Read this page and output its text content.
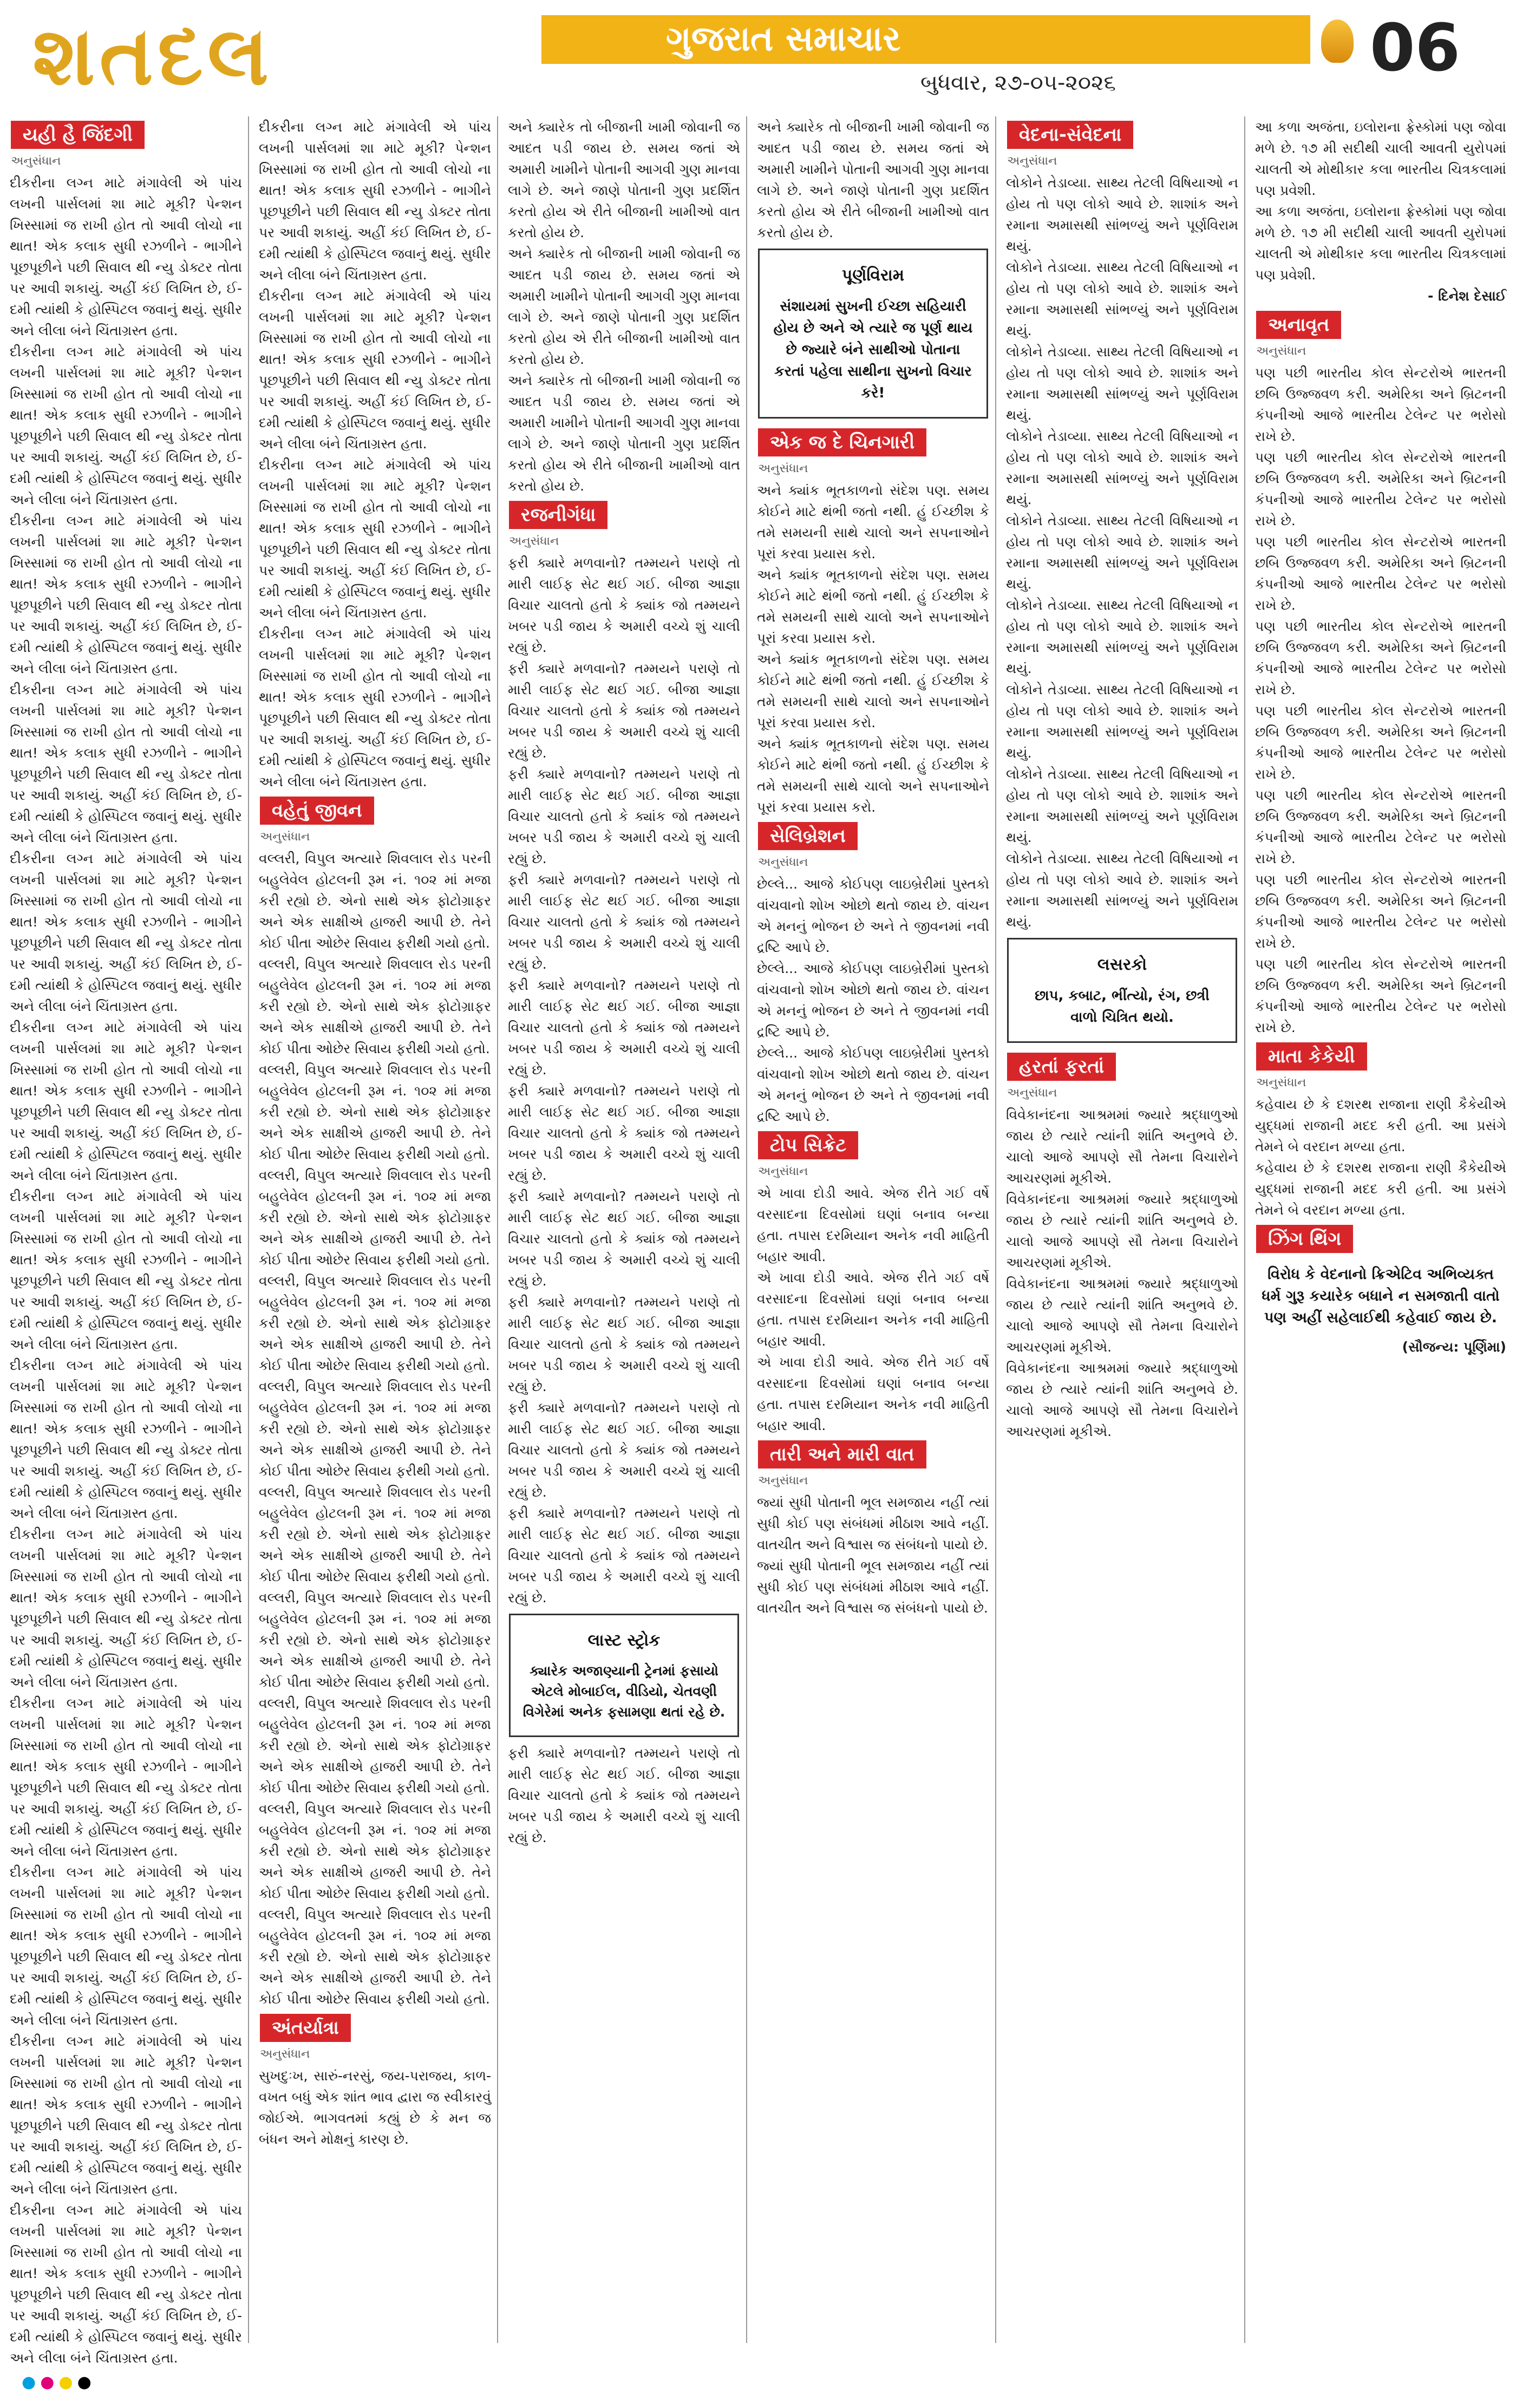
શતદલ	ગુજરાત સમાચાર
બુધવાર, ૨૭-૦૫-૨૦૨૬	06
યહી હૈ જિંદગી
અનુસંધાન

દીકરીના લગ્ન માટે મંગાવેલી એ પાંચ લખની પાર્સલમાં શા માટે મૂકી? પેન્શન ખિસ્સામાં જ રાખી હોત તો આવી લોચો ના થાત! એક કલાક સુધી રઝળીને - ભાગીને પૂછપૂછીને પછી સિવાલ થી ન્યુ ડોક્ટર તોતા પર આવી શકાયું. અહીં કંઈ લિખિત છે, ઈ-દમી ત્યાંથી કે હોસ્પિટલ જવાનું થયું. સુધીર અને લીલા બંને ચિંતાગ્રસ્ત હતા.

દીકરીના લગ્ન માટે મંગાવેલી એ પાંચ લખની પાર્સલમાં શા માટે મૂકી? પેન્શન ખિસ્સામાં જ રાખી હોત તો આવી લોચો ના થાત! એક કલાક સુધી રઝળીને - ભાગીને પૂછપૂછીને પછી સિવાલ થી ન્યુ ડોક્ટર તોતા પર આવી શકાયું. અહીં કંઈ લિખિત છે, ઈ-દમી ત્યાંથી કે હોસ્પિટલ જવાનું થયું. સુધીર અને લીલા બંને ચિંતાગ્રસ્ત હતા.

દીકરીના લગ્ન માટે મંગાવેલી એ પાંચ લખની પાર્સલમાં શા માટે મૂકી? પેન્શન ખિસ્સામાં જ રાખી હોત તો આવી લોચો ના થાત! એક કલાક સુધી રઝળીને - ભાગીને પૂછપૂછીને પછી સિવાલ થી ન્યુ ડોક્ટર તોતા પર આવી શકાયું. અહીં કંઈ લિખિત છે, ઈ-દમી ત્યાંથી કે હોસ્પિટલ જવાનું થયું. સુધીર અને લીલા બંને ચિંતાગ્રસ્ત હતા.

દીકરીના લગ્ન માટે મંગાવેલી એ પાંચ લખની પાર્સલમાં શા માટે મૂકી? પેન્શન ખિસ્સામાં જ રાખી હોત તો આવી લોચો ના થાત! એક કલાક સુધી રઝળીને - ભાગીને પૂછપૂછીને પછી સિવાલ થી ન્યુ ડોક્ટર તોતા પર આવી શકાયું. અહીં કંઈ લિખિત છે, ઈ-દમી ત્યાંથી કે હોસ્પિટલ જવાનું થયું. સુધીર અને લીલા બંને ચિંતાગ્રસ્ત હતા.

દીકરીના લગ્ન માટે મંગાવેલી એ પાંચ લખની પાર્સલમાં શા માટે મૂકી? પેન્શન ખિસ્સામાં જ રાખી હોત તો આવી લોચો ના થાત! એક કલાક સુધી રઝળીને - ભાગીને પૂછપૂછીને પછી સિવાલ થી ન્યુ ડોક્ટર તોતા પર આવી શકાયું. અહીં કંઈ લિખિત છે, ઈ-દમી ત્યાંથી કે હોસ્પિટલ જવાનું થયું. સુધીર અને લીલા બંને ચિંતાગ્રસ્ત હતા.

દીકરીના લગ્ન માટે મંગાવેલી એ પાંચ લખની પાર્સલમાં શા માટે મૂકી? પેન્શન ખિસ્સામાં જ રાખી હોત તો આવી લોચો ના થાત! એક કલાક સુધી રઝળીને - ભાગીને પૂછપૂછીને પછી સિવાલ થી ન્યુ ડોક્ટર તોતા પર આવી શકાયું. અહીં કંઈ લિખિત છે, ઈ-દમી ત્યાંથી કે હોસ્પિટલ જવાનું થયું. સુધીર અને લીલા બંને ચિંતાગ્રસ્ત હતા.

દીકરીના લગ્ન માટે મંગાવેલી એ પાંચ લખની પાર્સલમાં શા માટે મૂકી? પેન્શન ખિસ્સામાં જ રાખી હોત તો આવી લોચો ના થાત! એક કલાક સુધી રઝળીને - ભાગીને પૂછપૂછીને પછી સિવાલ થી ન્યુ ડોક્ટર તોતા પર આવી શકાયું. અહીં કંઈ લિખિત છે, ઈ-દમી ત્યાંથી કે હોસ્પિટલ જવાનું થયું. સુધીર અને લીલા બંને ચિંતાગ્રસ્ત હતા.

દીકરીના લગ્ન માટે મંગાવેલી એ પાંચ લખની પાર્સલમાં શા માટે મૂકી? પેન્શન ખિસ્સામાં જ રાખી હોત તો આવી લોચો ના થાત! એક કલાક સુધી રઝળીને - ભાગીને પૂછપૂછીને પછી સિવાલ થી ન્યુ ડોક્ટર તોતા પર આવી શકાયું. અહીં કંઈ લિખિત છે, ઈ-દમી ત્યાંથી કે હોસ્પિટલ જવાનું થયું. સુધીર અને લીલા બંને ચિંતાગ્રસ્ત હતા.

દીકરીના લગ્ન માટે મંગાવેલી એ પાંચ લખની પાર્સલમાં શા માટે મૂકી? પેન્શન ખિસ્સામાં જ રાખી હોત તો આવી લોચો ના થાત! એક કલાક સુધી રઝળીને - ભાગીને પૂછપૂછીને પછી સિવાલ થી ન્યુ ડોક્ટર તોતા પર આવી શકાયું. અહીં કંઈ લિખિત છે, ઈ-દમી ત્યાંથી કે હોસ્પિટલ જવાનું થયું. સુધીર અને લીલા બંને ચિંતાગ્રસ્ત હતા.

દીકરીના લગ્ન માટે મંગાવેલી એ પાંચ લખની પાર્સલમાં શા માટે મૂકી? પેન્શન ખિસ્સામાં જ રાખી હોત તો આવી લોચો ના થાત! એક કલાક સુધી રઝળીને - ભાગીને પૂછપૂછીને પછી સિવાલ થી ન્યુ ડોક્ટર તોતા પર આવી શકાયું. અહીં કંઈ લિખિત છે, ઈ-દમી ત્યાંથી કે હોસ્પિટલ જવાનું થયું. સુધીર અને લીલા બંને ચિંતાગ્રસ્ત હતા.

દીકરીના લગ્ન માટે મંગાવેલી એ પાંચ લખની પાર્સલમાં શા માટે મૂકી? પેન્શન ખિસ્સામાં જ રાખી હોત તો આવી લોચો ના થાત! એક કલાક સુધી રઝળીને - ભાગીને પૂછપૂછીને પછી સિવાલ થી ન્યુ ડોક્ટર તોતા પર આવી શકાયું. અહીં કંઈ લિખિત છે, ઈ-દમી ત્યાંથી કે હોસ્પિટલ જવાનું થયું. સુધીર અને લીલા બંને ચિંતાગ્રસ્ત હતા.

દીકરીના લગ્ન માટે મંગાવેલી એ પાંચ લખની પાર્સલમાં શા માટે મૂકી? પેન્શન ખિસ્સામાં જ રાખી હોત તો આવી લોચો ના થાત! એક કલાક સુધી રઝળીને - ભાગીને પૂછપૂછીને પછી સિવાલ થી ન્યુ ડોક્ટર તોતા પર આવી શકાયું. અહીં કંઈ લિખિત છે, ઈ-દમી ત્યાંથી કે હોસ્પિટલ જવાનું થયું. સુધીર અને લીલા બંને ચિંતાગ્રસ્ત હતા.

દીકરીના લગ્ન માટે મંગાવેલી એ પાંચ લખની પાર્સલમાં શા માટે મૂકી? પેન્શન ખિસ્સામાં જ રાખી હોત તો આવી લોચો ના થાત! એક કલાક સુધી રઝળીને - ભાગીને પૂછપૂછીને પછી સિવાલ થી ન્યુ ડોક્ટર તોતા પર આવી શકાયું. અહીં કંઈ લિખિત છે, ઈ-દમી ત્યાંથી કે હોસ્પિટલ જવાનું થયું. સુધીર અને લીલા બંને ચિંતાગ્રસ્ત હતા.

દીકરીના લગ્ન માટે મંગાવેલી એ પાંચ લખની પાર્સલમાં શા માટે મૂકી? પેન્શન ખિસ્સામાં જ રાખી હોત તો આવી લોચો ના થાત! એક કલાક સુધી રઝળીને - ભાગીને પૂછપૂછીને પછી સિવાલ થી ન્યુ ડોક્ટર તોતા પર આવી શકાયું. અહીં કંઈ લિખિત છે, ઈ-દમી ત્યાંથી કે હોસ્પિટલ જવાનું થયું. સુધીર અને લીલા બંને ચિંતાગ્રસ્ત હતા.

દીકરીના લગ્ન માટે મંગાવેલી એ પાંચ લખની પાર્સલમાં શા માટે મૂકી? પેન્શન ખિસ્સામાં જ રાખી હોત તો આવી લોચો ના થાત! એક કલાક સુધી રઝળીને - ભાગીને પૂછપૂછીને પછી સિવાલ થી ન્યુ ડોક્ટર તોતા પર આવી શકાયું. અહીં કંઈ લિખિત છે, ઈ-દમી ત્યાંથી કે હોસ્પિટલ જવાનું થયું. સુધીર અને લીલા બંને ચિંતાગ્રસ્ત હતા.

દીકરીના લગ્ન માટે મંગાવેલી એ પાંચ લખની પાર્સલમાં શા માટે મૂકી? પેન્શન ખિસ્સામાં જ રાખી હોત તો આવી લોચો ના થાત! એક કલાક સુધી રઝળીને - ભાગીને પૂછપૂછીને પછી સિવાલ થી ન્યુ ડોક્ટર તોતા પર આવી શકાયું. અહીં કંઈ લિખિત છે, ઈ-દમી ત્યાંથી કે હોસ્પિટલ જવાનું થયું. સુધીર અને લીલા બંને ચિંતાગ્રસ્ત હતા.

દીકરીના લગ્ન માટે મંગાવેલી એ પાંચ લખની પાર્સલમાં શા માટે મૂકી? પેન્શન ખિસ્સામાં જ રાખી હોત તો આવી લોચો ના થાત! એક કલાક સુધી રઝળીને - ભાગીને પૂછપૂછીને પછી સિવાલ થી ન્યુ ડોક્ટર તોતા પર આવી શકાયું. અહીં કંઈ લિખિત છે, ઈ-દમી ત્યાંથી કે હોસ્પિટલ જવાનું થયું. સુધીર અને લીલા બંને ચિંતાગ્રસ્ત હતા.

વહેતું જીવન
અનુસંધાન

વલ્લરી, વિપુલ અત્યારે શિવલાલ રોડ પરની બહુલેવેલ હોટલની રૂમ નં. ૧૦૨ માં મજા કરી રહ્યો છે. એનો સાથે એક ફોટોગ્રાફર અને એક સાક્ષીએ હાજરી આપી છે. તેને કોઈ પીતા ઓછેર સિવાય ફરીથી ગયો હતો.

વલ્લરી, વિપુલ અત્યારે શિવલાલ રોડ પરની બહુલેવેલ હોટલની રૂમ નં. ૧૦૨ માં મજા કરી રહ્યો છે. એનો સાથે એક ફોટોગ્રાફર અને એક સાક્ષીએ હાજરી આપી છે. તેને કોઈ પીતા ઓછેર સિવાય ફરીથી ગયો હતો.

વલ્લરી, વિપુલ અત્યારે શિવલાલ રોડ પરની બહુલેવેલ હોટલની રૂમ નં. ૧૦૨ માં મજા કરી રહ્યો છે. એનો સાથે એક ફોટોગ્રાફર અને એક સાક્ષીએ હાજરી આપી છે. તેને કોઈ પીતા ઓછેર સિવાય ફરીથી ગયો હતો.

વલ્લરી, વિપુલ અત્યારે શિવલાલ રોડ પરની બહુલેવેલ હોટલની રૂમ નં. ૧૦૨ માં મજા કરી રહ્યો છે. એનો સાથે એક ફોટોગ્રાફર અને એક સાક્ષીએ હાજરી આપી છે. તેને કોઈ પીતા ઓછેર સિવાય ફરીથી ગયો હતો.

વલ્લરી, વિપુલ અત્યારે શિવલાલ રોડ પરની બહુલેવેલ હોટલની રૂમ નં. ૧૦૨ માં મજા કરી રહ્યો છે. એનો સાથે એક ફોટોગ્રાફર અને એક સાક્ષીએ હાજરી આપી છે. તેને કોઈ પીતા ઓછેર સિવાય ફરીથી ગયો હતો.

વલ્લરી, વિપુલ અત્યારે શિવલાલ રોડ પરની બહુલેવેલ હોટલની રૂમ નં. ૧૦૨ માં મજા કરી રહ્યો છે. એનો સાથે એક ફોટોગ્રાફર અને એક સાક્ષીએ હાજરી આપી છે. તેને કોઈ પીતા ઓછેર સિવાય ફરીથી ગયો હતો.

વલ્લરી, વિપુલ અત્યારે શિવલાલ રોડ પરની બહુલેવેલ હોટલની રૂમ નં. ૧૦૨ માં મજા કરી રહ્યો છે. એનો સાથે એક ફોટોગ્રાફર અને એક સાક્ષીએ હાજરી આપી છે. તેને કોઈ પીતા ઓછેર સિવાય ફરીથી ગયો હતો.

વલ્લરી, વિપુલ અત્યારે શિવલાલ રોડ પરની બહુલેવેલ હોટલની રૂમ નં. ૧૦૨ માં મજા કરી રહ્યો છે. એનો સાથે એક ફોટોગ્રાફર અને એક સાક્ષીએ હાજરી આપી છે. તેને કોઈ પીતા ઓછેર સિવાય ફરીથી ગયો હતો.

વલ્લરી, વિપુલ અત્યારે શિવલાલ રોડ પરની બહુલેવેલ હોટલની રૂમ નં. ૧૦૨ માં મજા કરી રહ્યો છે. એનો સાથે એક ફોટોગ્રાફર અને એક સાક્ષીએ હાજરી આપી છે. તેને કોઈ પીતા ઓછેર સિવાય ફરીથી ગયો હતો.

વલ્લરી, વિપુલ અત્યારે શિવલાલ રોડ પરની બહુલેવેલ હોટલની રૂમ નં. ૧૦૨ માં મજા કરી રહ્યો છે. એનો સાથે એક ફોટોગ્રાફર અને એક સાક્ષીએ હાજરી આપી છે. તેને કોઈ પીતા ઓછેર સિવાય ફરીથી ગયો હતો.

વલ્લરી, વિપુલ અત્યારે શિવલાલ રોડ પરની બહુલેવેલ હોટલની રૂમ નં. ૧૦૨ માં મજા કરી રહ્યો છે. એનો સાથે એક ફોટોગ્રાફર અને એક સાક્ષીએ હાજરી આપી છે. તેને કોઈ પીતા ઓછેર સિવાય ફરીથી ગયો હતો.

અંતર્યાત્રા
અનુસંધાન

સુખદુઃખ, સારું-નરસું, જય-પરાજય, કાળ-વખત બધું એક શાંત ભાવ દ્વારા જ સ્વીકારવું જોઈએ. ભાગવતમાં કહ્યું છે કે મન જ બંધન અને મોક્ષનું કારણ છે.

અને ક્યારેક તો બીજાની ખામી જોવાની જ આદત પડી જાય છે. સમય જતાં એ અમારી ખામીને પોતાની આગવી ગુણ માનવા લાગે છે. અને જાણે પોતાની ગુણ પ્રદર્શિત કરતો હોય એ રીતે બીજાની ખામીઓ વાત કરતો હોય છે.

અને ક્યારેક તો બીજાની ખામી જોવાની જ આદત પડી જાય છે. સમય જતાં એ અમારી ખામીને પોતાની આગવી ગુણ માનવા લાગે છે. અને જાણે પોતાની ગુણ પ્રદર્શિત કરતો હોય એ રીતે બીજાની ખામીઓ વાત કરતો હોય છે.

અને ક્યારેક તો બીજાની ખામી જોવાની જ આદત પડી જાય છે. સમય જતાં એ અમારી ખામીને પોતાની આગવી ગુણ માનવા લાગે છે. અને જાણે પોતાની ગુણ પ્રદર્શિત કરતો હોય એ રીતે બીજાની ખામીઓ વાત કરતો હોય છે.

રજનીગંધા
અનુસંધાન

ફરી ક્યારે મળવાનો? તમ્મયને પરાણે તો મારી લાઈફ સેટ થઈ ગઈ. બીજા આજ્ઞા વિચાર ચાલતો હતો કે ક્યાંક જો તમ્મયને ખબર પડી જાય કે અમારી વચ્ચે શું ચાલી રહ્યું છે.

ફરી ક્યારે મળવાનો? તમ્મયને પરાણે તો મારી લાઈફ સેટ થઈ ગઈ. બીજા આજ્ઞા વિચાર ચાલતો હતો કે ક્યાંક જો તમ્મયને ખબર પડી જાય કે અમારી વચ્ચે શું ચાલી રહ્યું છે.

ફરી ક્યારે મળવાનો? તમ્મયને પરાણે તો મારી લાઈફ સેટ થઈ ગઈ. બીજા આજ્ઞા વિચાર ચાલતો હતો કે ક્યાંક જો તમ્મયને ખબર પડી જાય કે અમારી વચ્ચે શું ચાલી રહ્યું છે.

ફરી ક્યારે મળવાનો? તમ્મયને પરાણે તો મારી લાઈફ સેટ થઈ ગઈ. બીજા આજ્ઞા વિચાર ચાલતો હતો કે ક્યાંક જો તમ્મયને ખબર પડી જાય કે અમારી વચ્ચે શું ચાલી રહ્યું છે.

ફરી ક્યારે મળવાનો? તમ્મયને પરાણે તો મારી લાઈફ સેટ થઈ ગઈ. બીજા આજ્ઞા વિચાર ચાલતો હતો કે ક્યાંક જો તમ્મયને ખબર પડી જાય કે અમારી વચ્ચે શું ચાલી રહ્યું છે.

ફરી ક્યારે મળવાનો? તમ્મયને પરાણે તો મારી લાઈફ સેટ થઈ ગઈ. બીજા આજ્ઞા વિચાર ચાલતો હતો કે ક્યાંક જો તમ્મયને ખબર પડી જાય કે અમારી વચ્ચે શું ચાલી રહ્યું છે.

ફરી ક્યારે મળવાનો? તમ્મયને પરાણે તો મારી લાઈફ સેટ થઈ ગઈ. બીજા આજ્ઞા વિચાર ચાલતો હતો કે ક્યાંક જો તમ્મયને ખબર પડી જાય કે અમારી વચ્ચે શું ચાલી રહ્યું છે.

ફરી ક્યારે મળવાનો? તમ્મયને પરાણે તો મારી લાઈફ સેટ થઈ ગઈ. બીજા આજ્ઞા વિચાર ચાલતો હતો કે ક્યાંક જો તમ્મયને ખબર પડી જાય કે અમારી વચ્ચે શું ચાલી રહ્યું છે.

ફરી ક્યારે મળવાનો? તમ્મયને પરાણે તો મારી લાઈફ સેટ થઈ ગઈ. બીજા આજ્ઞા વિચાર ચાલતો હતો કે ક્યાંક જો તમ્મયને ખબર પડી જાય કે અમારી વચ્ચે શું ચાલી રહ્યું છે.

ફરી ક્યારે મળવાનો? તમ્મયને પરાણે તો મારી લાઈફ સેટ થઈ ગઈ. બીજા આજ્ઞા વિચાર ચાલતો હતો કે ક્યાંક જો તમ્મયને ખબર પડી જાય કે અમારી વચ્ચે શું ચાલી રહ્યું છે.

લાસ્ટ સ્ટ્રોક
ક્યારેક અજાણ્યાની ટ્રેનમાં ફસાયો એટલે મોબાઈલ, વીડિયો, ચેતવણી વિગેરેમાં અનેક ફસામણા થતાં રહે છે.

ફરી ક્યારે મળવાનો? તમ્મયને પરાણે તો મારી લાઈફ સેટ થઈ ગઈ. બીજા આજ્ઞા વિચાર ચાલતો હતો કે ક્યાંક જો તમ્મયને ખબર પડી જાય કે અમારી વચ્ચે શું ચાલી રહ્યું છે.

અને ક્યારેક તો બીજાની ખામી જોવાની જ આદત પડી જાય છે. સમય જતાં એ અમારી ખામીને પોતાની આગવી ગુણ માનવા લાગે છે. અને જાણે પોતાની ગુણ પ્રદર્શિત કરતો હોય એ રીતે બીજાની ખામીઓ વાત કરતો હોય છે.

પૂર્ણવિરામ
સંશાયમાં સુખની ઈચ્છા સહિયારી હોય છે અને એ ત્યારે જ પૂર્ણ થાય છે જ્યારે બંને સાથીઓ પોતાના કરતાં પહેલા સાથીના સુખનો વિચાર કરે!
એક જ દે ચિનગારી
અનુસંધાન

અને ક્યાંક ભૂતકાળનો સંદેશ પણ. સમય કોઈને માટે થંભી જતો નથી. હું ઈચ્છીશ કે તમે સમયની સાથે ચાલો અને સપનાઓને પૂરાં કરવા પ્રયાસ કરો.

અને ક્યાંક ભૂતકાળનો સંદેશ પણ. સમય કોઈને માટે થંભી જતો નથી. હું ઈચ્છીશ કે તમે સમયની સાથે ચાલો અને સપનાઓને પૂરાં કરવા પ્રયાસ કરો.

અને ક્યાંક ભૂતકાળનો સંદેશ પણ. સમય કોઈને માટે થંભી જતો નથી. હું ઈચ્છીશ કે તમે સમયની સાથે ચાલો અને સપનાઓને પૂરાં કરવા પ્રયાસ કરો.

અને ક્યાંક ભૂતકાળનો સંદેશ પણ. સમય કોઈને માટે થંભી જતો નથી. હું ઈચ્છીશ કે તમે સમયની સાથે ચાલો અને સપનાઓને પૂરાં કરવા પ્રયાસ કરો.

સેલિબ્રેશન
અનુસંધાન

છેલ્લે... આજે કોઈપણ લાઇબ્રેરીમાં પુસ્તકો વાંચવાનો શોખ ઓછો થતો જાય છે. વાંચન એ મનનું ભોજન છે અને તે જીવનમાં નવી દ્રષ્ટિ આપે છે.

છેલ્લે... આજે કોઈપણ લાઇબ્રેરીમાં પુસ્તકો વાંચવાનો શોખ ઓછો થતો જાય છે. વાંચન એ મનનું ભોજન છે અને તે જીવનમાં નવી દ્રષ્ટિ આપે છે.

છેલ્લે... આજે કોઈપણ લાઇબ્રેરીમાં પુસ્તકો વાંચવાનો શોખ ઓછો થતો જાય છે. વાંચન એ મનનું ભોજન છે અને તે જીવનમાં નવી દ્રષ્ટિ આપે છે.

ટોપ સિક્રેટ
અનુસંધાન

એ ખાવા દોડી આવે. એજ રીતે ગઈ વર્ષે વરસાદના દિવસોમાં ઘણાં બનાવ બન્યા હતા. તપાસ દરમિયાન અનેક નવી માહિતી બહાર આવી.

એ ખાવા દોડી આવે. એજ રીતે ગઈ વર્ષે વરસાદના દિવસોમાં ઘણાં બનાવ બન્યા હતા. તપાસ દરમિયાન અનેક નવી માહિતી બહાર આવી.

એ ખાવા દોડી આવે. એજ રીતે ગઈ વર્ષે વરસાદના દિવસોમાં ઘણાં બનાવ બન્યા હતા. તપાસ દરમિયાન અનેક નવી માહિતી બહાર આવી.

તારી અને મારી વાત
અનુસંધાન

જ્યાં સુધી પોતાની ભૂલ સમજાય નહીં ત્યાં સુધી કોઈ પણ સંબંધમાં મીઠાશ આવે નહીં. વાતચીત અને વિશ્વાસ જ સંબંધનો પાયો છે.

જ્યાં સુધી પોતાની ભૂલ સમજાય નહીં ત્યાં સુધી કોઈ પણ સંબંધમાં મીઠાશ આવે નહીં. વાતચીત અને વિશ્વાસ જ સંબંધનો પાયો છે.

વેદના-સંવેદના
અનુસંધાન

લોકોને તેડાવ્યા. સાથ્ય તેટલી વિષિયાઓ ન હોય તો પણ લોકો આવે છે. શાશાંક અને રમાના અમાસથી સાંભળ્યું અને પૂર્ણવિરામ થયું.

લોકોને તેડાવ્યા. સાથ્ય તેટલી વિષિયાઓ ન હોય તો પણ લોકો આવે છે. શાશાંક અને રમાના અમાસથી સાંભળ્યું અને પૂર્ણવિરામ થયું.

લોકોને તેડાવ્યા. સાથ્ય તેટલી વિષિયાઓ ન હોય તો પણ લોકો આવે છે. શાશાંક અને રમાના અમાસથી સાંભળ્યું અને પૂર્ણવિરામ થયું.

લોકોને તેડાવ્યા. સાથ્ય તેટલી વિષિયાઓ ન હોય તો પણ લોકો આવે છે. શાશાંક અને રમાના અમાસથી સાંભળ્યું અને પૂર્ણવિરામ થયું.

લોકોને તેડાવ્યા. સાથ્ય તેટલી વિષિયાઓ ન હોય તો પણ લોકો આવે છે. શાશાંક અને રમાના અમાસથી સાંભળ્યું અને પૂર્ણવિરામ થયું.

લોકોને તેડાવ્યા. સાથ્ય તેટલી વિષિયાઓ ન હોય તો પણ લોકો આવે છે. શાશાંક અને રમાના અમાસથી સાંભળ્યું અને પૂર્ણવિરામ થયું.

લોકોને તેડાવ્યા. સાથ્ય તેટલી વિષિયાઓ ન હોય તો પણ લોકો આવે છે. શાશાંક અને રમાના અમાસથી સાંભળ્યું અને પૂર્ણવિરામ થયું.

લોકોને તેડાવ્યા. સાથ્ય તેટલી વિષિયાઓ ન હોય તો પણ લોકો આવે છે. શાશાંક અને રમાના અમાસથી સાંભળ્યું અને પૂર્ણવિરામ થયું.

લોકોને તેડાવ્યા. સાથ્ય તેટલી વિષિયાઓ ન હોય તો પણ લોકો આવે છે. શાશાંક અને રમાના અમાસથી સાંભળ્યું અને પૂર્ણવિરામ થયું.

લસરકો
છાપ, કબાટ, ભીંત્યો, રંગ, છત્રી વાળો ચિત્રિત થયો.
હરતાં ફરતાં
અનુસંધાન

વિવેકાનંદના આશ્રમમાં જ્યારે શ્રદ્ધાળુઓ જાય છે ત્યારે ત્યાંની શાંતિ અનુભવે છે. ચાલો આજે આપણે સૌ તેમના વિચારોને આચરણમાં મૂકીએ.

વિવેકાનંદના આશ્રમમાં જ્યારે શ્રદ્ધાળુઓ જાય છે ત્યારે ત્યાંની શાંતિ અનુભવે છે. ચાલો આજે આપણે સૌ તેમના વિચારોને આચરણમાં મૂકીએ.

વિવેકાનંદના આશ્રમમાં જ્યારે શ્રદ્ધાળુઓ જાય છે ત્યારે ત્યાંની શાંતિ અનુભવે છે. ચાલો આજે આપણે સૌ તેમના વિચારોને આચરણમાં મૂકીએ.

વિવેકાનંદના આશ્રમમાં જ્યારે શ્રદ્ધાળુઓ જાય છે ત્યારે ત્યાંની શાંતિ અનુભવે છે. ચાલો આજે આપણે સૌ તેમના વિચારોને આચરણમાં મૂકીએ.

આ કળા અજંતા, ઇલોરાના ફ્રેસ્કોમાં પણ જોવા મળે છે. ૧૭ મી સદીથી ચાલી આવતી યુરોપમાં ચાલતી એ મોથીકાર કલા ભારતીય ચિત્રકલામાં પણ પ્રવેશી.

આ કળા અજંતા, ઇલોરાના ફ્રેસ્કોમાં પણ જોવા મળે છે. ૧૭ મી સદીથી ચાલી આવતી યુરોપમાં ચાલતી એ મોથીકાર કલા ભારતીય ચિત્રકલામાં પણ પ્રવેશી.

- દિનેશ દેસાઈ

અનાવૃત
અનુસંધાન

પણ પછી ભારતીય કોલ સેન્ટરોએ ભારતની છબિ ઉજ્જવળ કરી. અમેરિકા અને બ્રિટનની કંપનીઓ આજે ભારતીય ટેલેન્ટ પર ભરોસો રાખે છે.

પણ પછી ભારતીય કોલ સેન્ટરોએ ભારતની છબિ ઉજ્જવળ કરી. અમેરિકા અને બ્રિટનની કંપનીઓ આજે ભારતીય ટેલેન્ટ પર ભરોસો રાખે છે.

પણ પછી ભારતીય કોલ સેન્ટરોએ ભારતની છબિ ઉજ્જવળ કરી. અમેરિકા અને બ્રિટનની કંપનીઓ આજે ભારતીય ટેલેન્ટ પર ભરોસો રાખે છે.

પણ પછી ભારતીય કોલ સેન્ટરોએ ભારતની છબિ ઉજ્જવળ કરી. અમેરિકા અને બ્રિટનની કંપનીઓ આજે ભારતીય ટેલેન્ટ પર ભરોસો રાખે છે.

પણ પછી ભારતીય કોલ સેન્ટરોએ ભારતની છબિ ઉજ્જવળ કરી. અમેરિકા અને બ્રિટનની કંપનીઓ આજે ભારતીય ટેલેન્ટ પર ભરોસો રાખે છે.

પણ પછી ભારતીય કોલ સેન્ટરોએ ભારતની છબિ ઉજ્જવળ કરી. અમેરિકા અને બ્રિટનની કંપનીઓ આજે ભારતીય ટેલેન્ટ પર ભરોસો રાખે છે.

પણ પછી ભારતીય કોલ સેન્ટરોએ ભારતની છબિ ઉજ્જવળ કરી. અમેરિકા અને બ્રિટનની કંપનીઓ આજે ભારતીય ટેલેન્ટ પર ભરોસો રાખે છે.

પણ પછી ભારતીય કોલ સેન્ટરોએ ભારતની છબિ ઉજ્જવળ કરી. અમેરિકા અને બ્રિટનની કંપનીઓ આજે ભારતીય ટેલેન્ટ પર ભરોસો રાખે છે.

માતા કેકેયી
અનુસંધાન

કહેવાય છે કે દશરથ રાજાના રાણી કૈકેયીએ યુદ્ધમાં રાજાની મદદ કરી હતી. આ પ્રસંગે તેમને બે વરદાન મળ્યા હતા.

કહેવાય છે કે દશરથ રાજાના રાણી કૈકેયીએ યુદ્ધમાં રાજાની મદદ કરી હતી. આ પ્રસંગે તેમને બે વરદાન મળ્યા હતા.

ઝિંગ થિંગ
વિરોધ કે વેદનાનો ક્રિએટિવ અભિવ્યક્ત ધર્મ ગુરૂ કયારેક બધાને ન સમજાતી વાતો પણ અહીં સહેલાઈથી કહેવાઈ જાય છે.

(સૌજન્ય: પૂર્ણિમા)

●●●●
